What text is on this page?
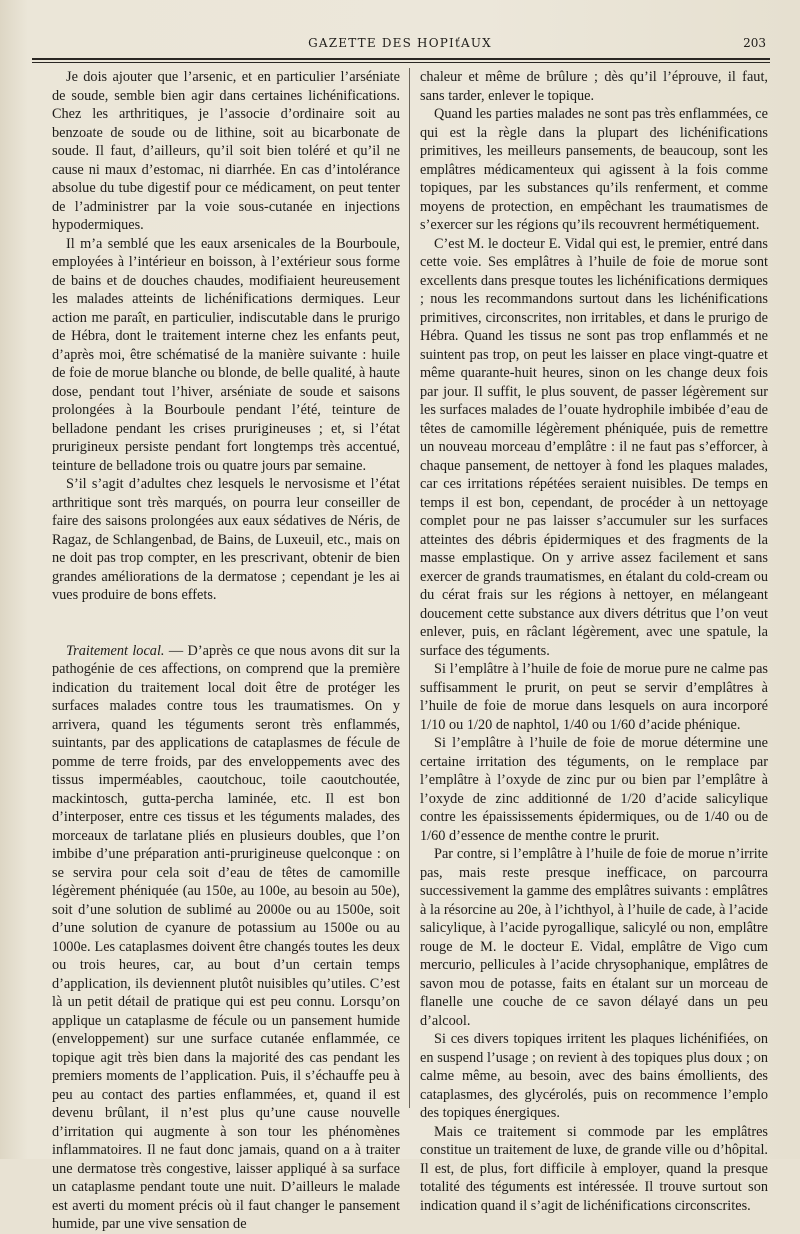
GAZETTE DES HOPIťAUX	203

Je dois ajouter que l’arsenic, et en particulier l’arséniate de soude, semble bien agir dans certaines lichénifications. Chez les arthritiques, je l’associe d’ordinaire soit au benzoate de soude ou de lithine, soit au bicarbonate de soude. Il faut, d’ailleurs, qu’il soit bien toléré et qu’il ne cause ni maux d’estomac, ni diarrhée. En cas d’intolérance absolue du tube digestif pour ce médicament, on peut tenter de l’administrer par la voie sous-cutanée en injections hypodermiques.

Il m’a semblé que les eaux arsenicales de la Bourboule, employées à l’intérieur en boisson, à l’extérieur sous forme de bains et de douches chaudes, modifiaient heureusement les malades atteints de lichénifications dermiques. Leur action me paraît, en particulier, indiscutable dans le prurigo de Hébra, dont le traitement interne chez les enfants peut, d’après moi, être schématisé de la manière suivante : huile de foie de morue blanche ou blonde, de belle qualité, à haute dose, pendant tout l’hiver, arséniate de soude et saisons prolongées à la Bourboule pendant l’été, teinture de belladone pendant les crises prurigineuses ; et, si l’état prurigineux persiste pendant fort longtemps très accentué, teinture de belladone trois ou quatre jours par semaine.

S’il s’agit d’adultes chez lesquels le nervosisme et l’état arthritique sont très marqués, on pourra leur conseiller de faire des saisons prolongées aux eaux sédatives de Néris, de Ragaz, de Schlangenbad, de Bains, de Luxeuil, etc., mais on ne doit pas trop compter, en les prescrivant, obtenir de bien grandes améliorations de la dermatose ; cependant je les ai vues produire de bons effets.

Traitement local. — D’après ce que nous avons dit sur la pathogénie de ces affections, on comprend que la première indication du traitement local doit être de protéger les surfaces malades contre tous les traumatismes. On y arrivera, quand les téguments seront très enflammés, suintants, par des applications de cataplasmes de fécule de pomme de terre froids, par des enveloppements avec des tissus imperméables, caoutchouc, toile caoutchoutée, mackintosch, gutta-percha laminée, etc. Il est bon d’interposer, entre ces tissus et les téguments malades, des morceaux de tarlatane pliés en plusieurs doubles, que l’on imbibe d’une préparation anti-prurigineuse quelconque : on se servira pour cela soit d’eau de têtes de camomille légèrement phéniquée (au 150e, au 100e, au besoin au 50e), soit d’une solution de sublimé au 2000e ou au 1500e, soit d’une solution de cyanure de potassium au 1500e ou au 1000e. Les cataplasmes doivent être changés toutes les deux ou trois heures, car, au bout d’un certain temps d’application, ils deviennent plutôt nuisibles qu’utiles. C’est là un petit détail de pratique qui est peu connu. Lorsqu’on applique un cataplasme de fécule ou un pansement humide (enveloppement) sur une surface cutanée enflammée, ce topique agit très bien dans la majorité des cas pendant les premiers moments de l’application. Puis, il s’échauffe peu à peu au contact des parties enflammées, et, quand il est devenu brûlant, il n’est plus qu’une cause nouvelle d’irritation qui augmente à son tour les phénomènes inflammatoires. Il ne faut donc jamais, quand on a à traiter une dermatose très congestive, laisser appliqué à sa surface un cataplasme pendant toute une nuit. D’ailleurs le malade est averti du moment précis où il faut changer le pansement humide, par une vive sensation de

chaleur et même de brûlure ; dès qu’il l’éprouve, il faut, sans tarder, enlever le topique.

Quand les parties malades ne sont pas très enflammées, ce qui est la règle dans la plupart des lichénifications primitives, les meilleurs pansements, de beaucoup, sont les emplâtres médicamenteux qui agissent à la fois comme topiques, par les substances qu’ils renferment, et comme moyens de protection, en empêchant les traumatismes de s’exercer sur les régions qu’ils recouvrent hermétiquement.

C’est M. le docteur E. Vidal qui est, le premier, entré dans cette voie. Ses emplâtres à l’huile de foie de morue sont excellents dans presque toutes les lichénifications dermiques ; nous les recommandons surtout dans les lichénifications primitives, circonscrites, non irritables, et dans le prurigo de Hébra. Quand les tissus ne sont pas trop enflammés et ne suintent pas trop, on peut les laisser en place vingt-quatre et même quarante-huit heures, sinon on les change deux fois par jour. Il suffit, le plus souvent, de passer légèrement sur les surfaces malades de l’ouate hydrophile imbibée d’eau de têtes de camomille légèrement phéniquée, puis de remettre un nouveau morceau d’emplâtre : il ne faut pas s’efforcer, à chaque pansement, de nettoyer à fond les plaques malades, car ces irritations répétées seraient nuisibles. De temps en temps il est bon, cependant, de procéder à un nettoyage complet pour ne pas laisser s’accumuler sur les surfaces atteintes des débris épidermiques et des fragments de la masse emplastique. On y arrive assez facilement et sans exercer de grands traumatismes, en étalant du cold-cream ou du cérat frais sur les régions à nettoyer, en mélangeant doucement cette substance aux divers détritus que l’on veut enlever, puis, en râclant légèrement, avec une spatule, la surface des téguments.

Si l’emplâtre à l’huile de foie de morue pure ne calme pas suffisamment le prurit, on peut se servir d’emplâtres à l’huile de foie de morue dans lesquels on aura incorporé 1/10 ou 1/20 de naphtol, 1/40 ou 1/60 d’acide phénique.

Si l’emplâtre à l’huile de foie de morue détermine une certaine irritation des téguments, on le remplace par l’emplâtre à l’oxyde de zinc pur ou bien par l’emplâtre à l’oxyde de zinc additionné de 1/20 d’acide salicylique contre les épaississements épidermiques, ou de 1/40 ou de 1/60 d’essence de menthe contre le prurit.

Par contre, si l’emplâtre à l’huile de foie de morue n’irrite pas, mais reste presque inefficace, on parcourra successivement la gamme des emplâtres suivants : emplâtres à la résorcine au 20e, à l’ichthyol, à l’huile de cade, à l’acide salicylique, à l’acide pyrogallique, salicylé ou non, emplâtre rouge de M. le docteur E. Vidal, emplâtre de Vigo cum mercurio, pellicules à l’acide chrysophanique, emplâtres de savon mou de potasse, faits en étalant sur un morceau de flanelle une couche de ce savon délayé dans un peu d’alcool.

Si ces divers topiques irritent les plaques lichénifiées, on en suspend l’usage ; on revient à des topiques plus doux ; on calme même, au besoin, avec des bains émollients, des cataplasmes, des glycérolés, puis on recommence l’emplo des topiques énergiques.

Mais ce traitement si commode par les emplâtres constitue un traitement de luxe, de grande ville ou d’hôpital. Il est, de plus, fort difficile à employer, quand la presque totalité des téguments est intéressée. Il trouve surtout son indication quand il s’agit de lichénifications circonscrites.
